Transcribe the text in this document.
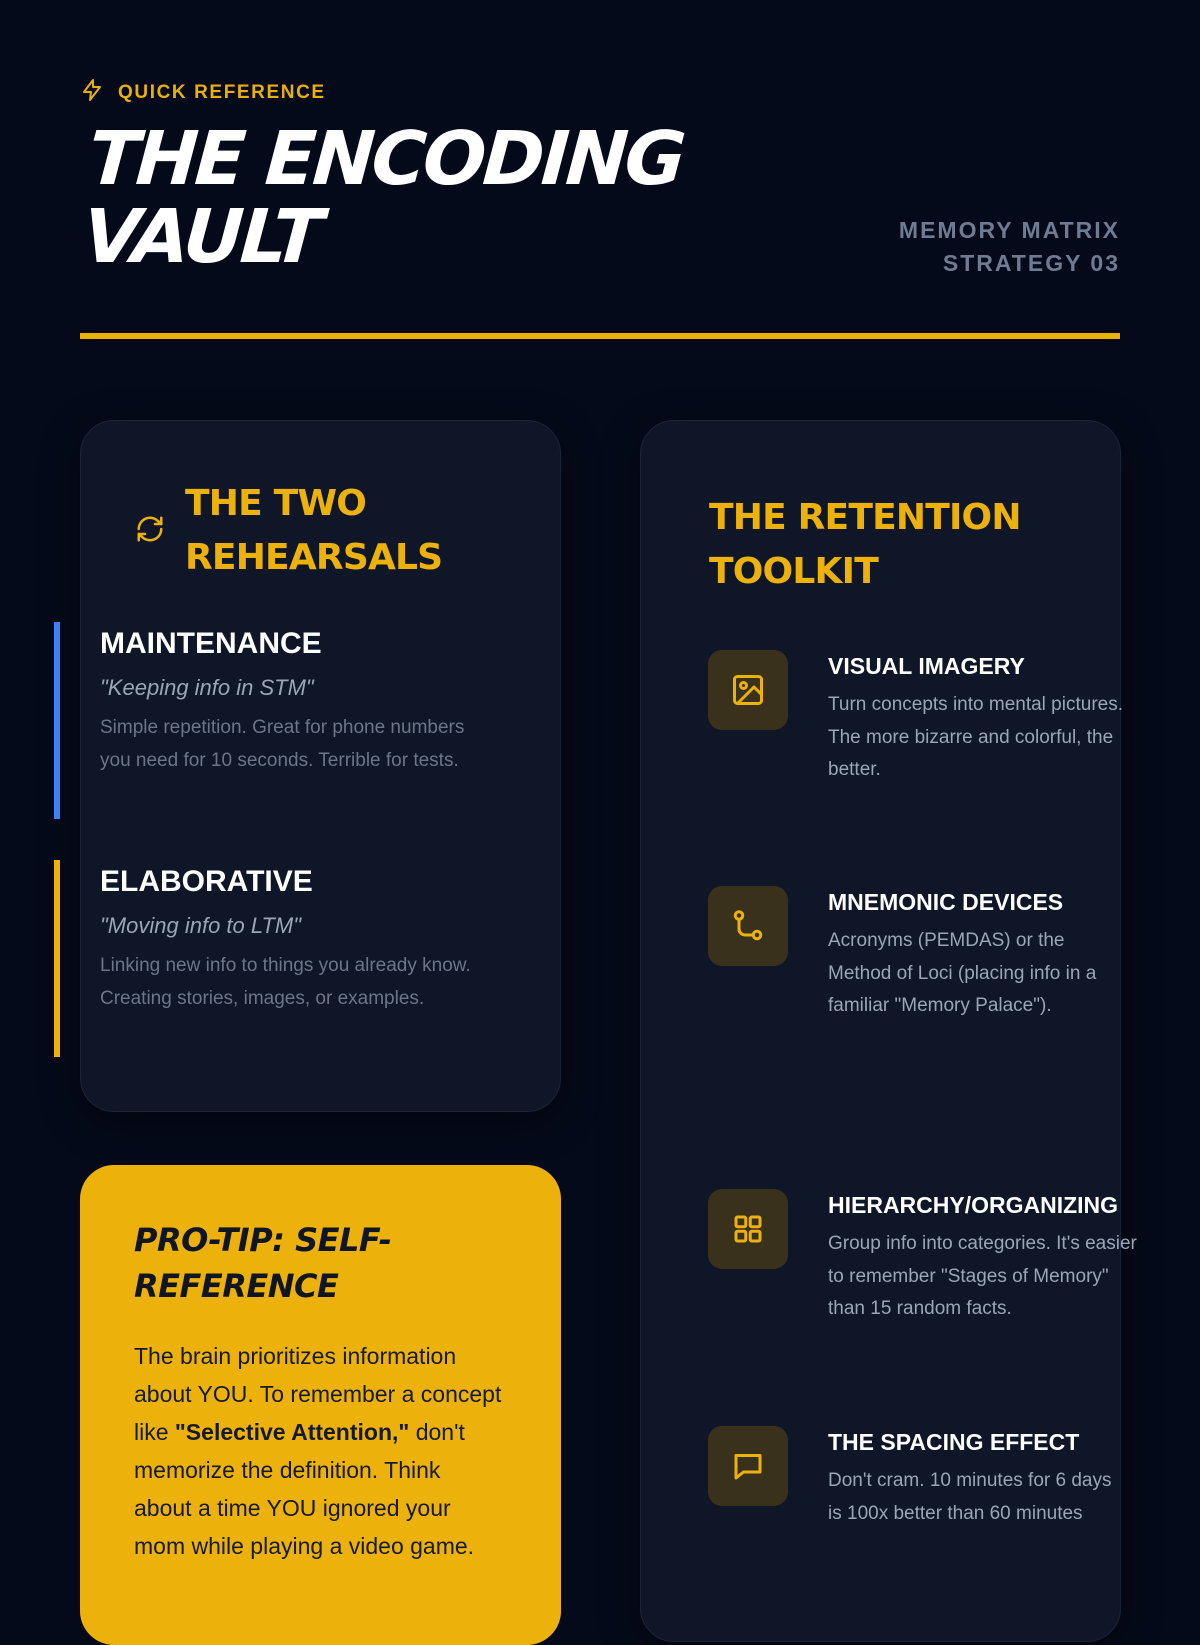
QUICK REFERENCE
THE ENCODING VAULT	MEMORY MATRIX
STRATEGY 03
THE TWO REHEARSALS
MAINTENANCE

"Keeping info in STM"

Simple repetition. Great for phone numbers you need for 10 seconds. Terrible for tests.

ELABORATIVE

"Moving info to LTM"

Linking new info to things you already know. Creating stories, images, or examples.

PRO-TIP: SELF-REFERENCE

The brain prioritizes information about YOU. To remember a concept like "Selective Attention," don't memorize the definition. Think about a time YOU ignored your mom while playing a video game.

THE RETENTION TOOLKIT
VISUAL IMAGERY

Turn concepts into mental pictures. The more bizarre and colorful, the better.

MNEMONIC DEVICES

Acronyms (PEMDAS) or the Method of Loci (placing info in a familiar "Memory Palace").

HIERARCHY/ORGANIZING

Group info into categories. It's easier to remember "Stages of Memory" than 15 random facts.

THE SPACING EFFECT

Don't cram. 10 minutes for 6 days is 100x better than 60 minutes
